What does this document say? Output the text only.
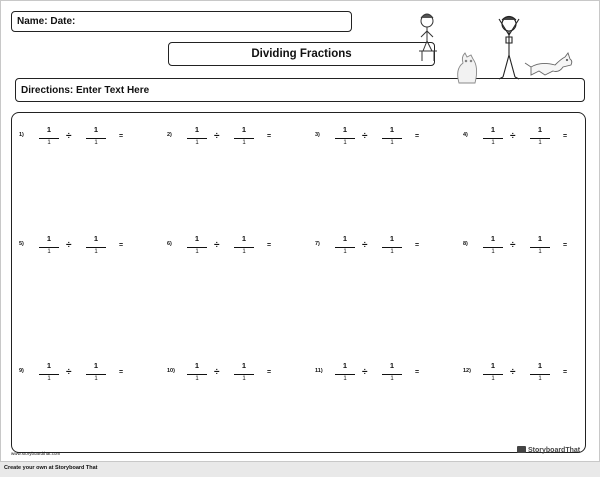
Name: Date:
Dividing Fractions
Directions: Enter Text Here
1)
1
1
÷
1
1
=	2)
1
1
÷
1
1
=	3)
1
1
÷
1
1
=	4)
1
1
÷
1
1
=
5)
1
1
÷
1
1
=	6)
1
1
÷
1
1
=	7)
1
1
÷
1
1
=	8)
1
1
÷
1
1
=
9)
1
1
÷
1
1
=	10)
1
1
÷
1
1
=	11)
1
1
÷
1
1
=	12)
1
1
÷
1
1
=
www.storyboardthat.com	StoryboardThat
Create your own at Storyboard That
